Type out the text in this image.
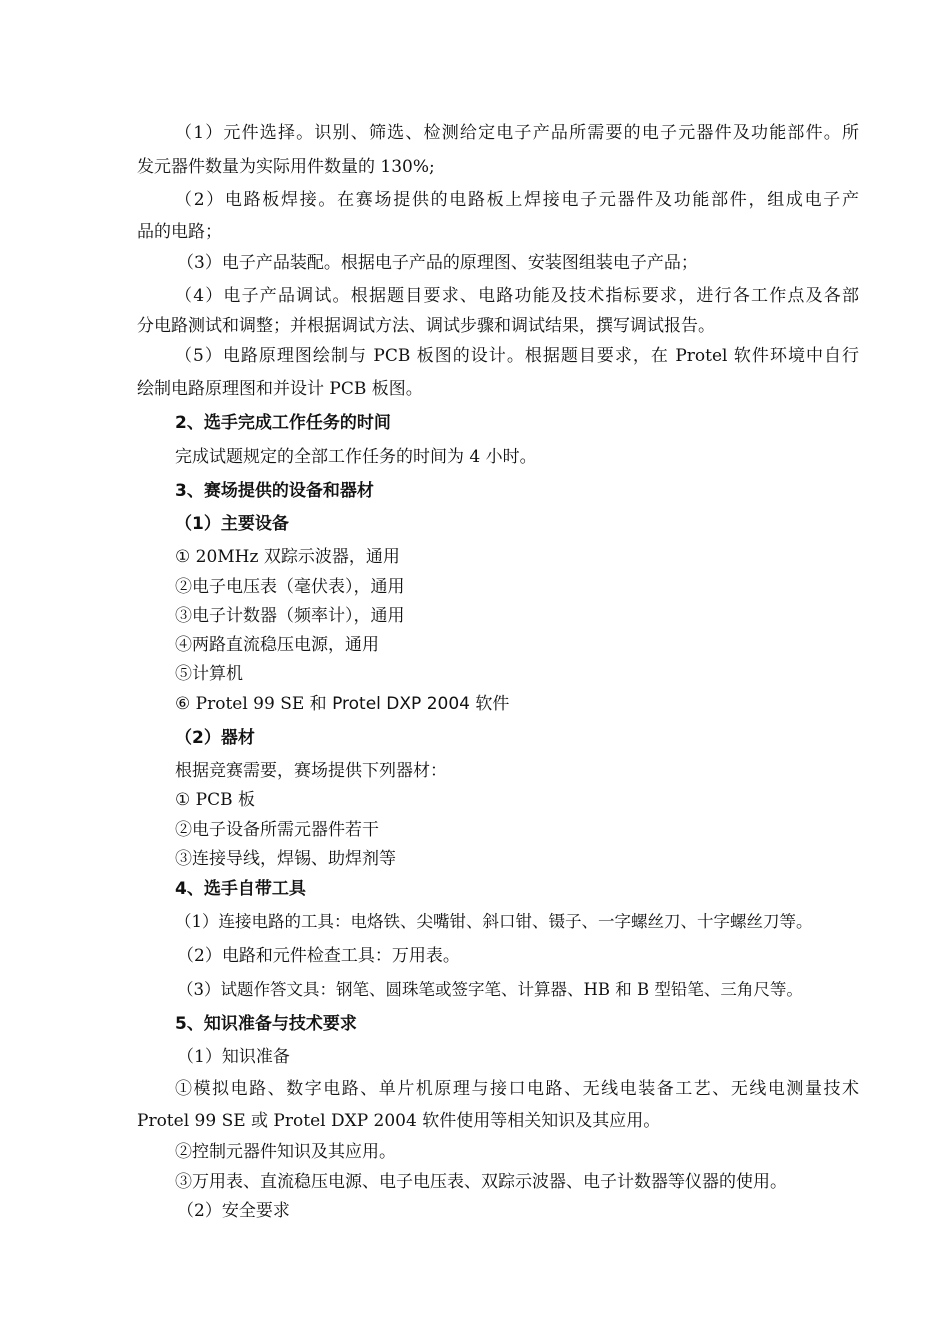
（1）元件选择。识别、筛选、检测给定电子产品所需要的电子元器件及功能部件。所
发元器件数量为实际用件数量的 130%;
（2）电路板焊接。在赛场提供的电路板上焊接电子元器件及功能部件，组成电子产
品的电路；
（3）电子产品装配。根据电子产品的原理图、安装图组装电子产品；
（4）电子产品调试。根据题目要求、电路功能及技术指标要求，进行各工作点及各部
分电路测试和调整；并根据调试方法、调试步骤和调试结果，撰写调试报告。
（5）电路原理图绘制与 PCB 板图的设计。根据题目要求，在 Protel 软件环境中自行
绘制电路原理图和并设计 PCB 板图。
2、选手完成工作任务的时间
完成试题规定的全部工作任务的时间为 4 小时。
3、赛场提供的设备和器材
（1）主要设备
① 20MHz 双踪示波器，通用
②电子电压表（毫伏表），通用
③电子计数器（频率计），通用
④两路直流稳压电源，通用
⑤计算机
⑥ Protel 99 SE 和 Protel DXP 2004 软件
（2）器材
根据竞赛需要，赛场提供下列器材：
① PCB 板
②电子设备所需元器件若干
③连接导线，焊锡、助焊剂等
4、选手自带工具
（1）连接电路的工具：电烙铁、尖嘴钳、斜口钳、镊子、一字螺丝刀、十字螺丝刀等。
（2）电路和元件检查工具：万用表。
（3）试题作答文具：钢笔、圆珠笔或签字笔、计算器、HB 和 B 型铅笔、三角尺等。
5、知识准备与技术要求
（1）知识准备
①模拟电路、数字电路、单片机原理与接口电路、无线电装备工艺、无线电测量技术
Protel 99 SE 或 Protel DXP 2004 软件使用等相关知识及其应用。
②控制元器件知识及其应用。
③万用表、直流稳压电源、电子电压表、双踪示波器、电子计数器等仪器的使用。
（2）安全要求
